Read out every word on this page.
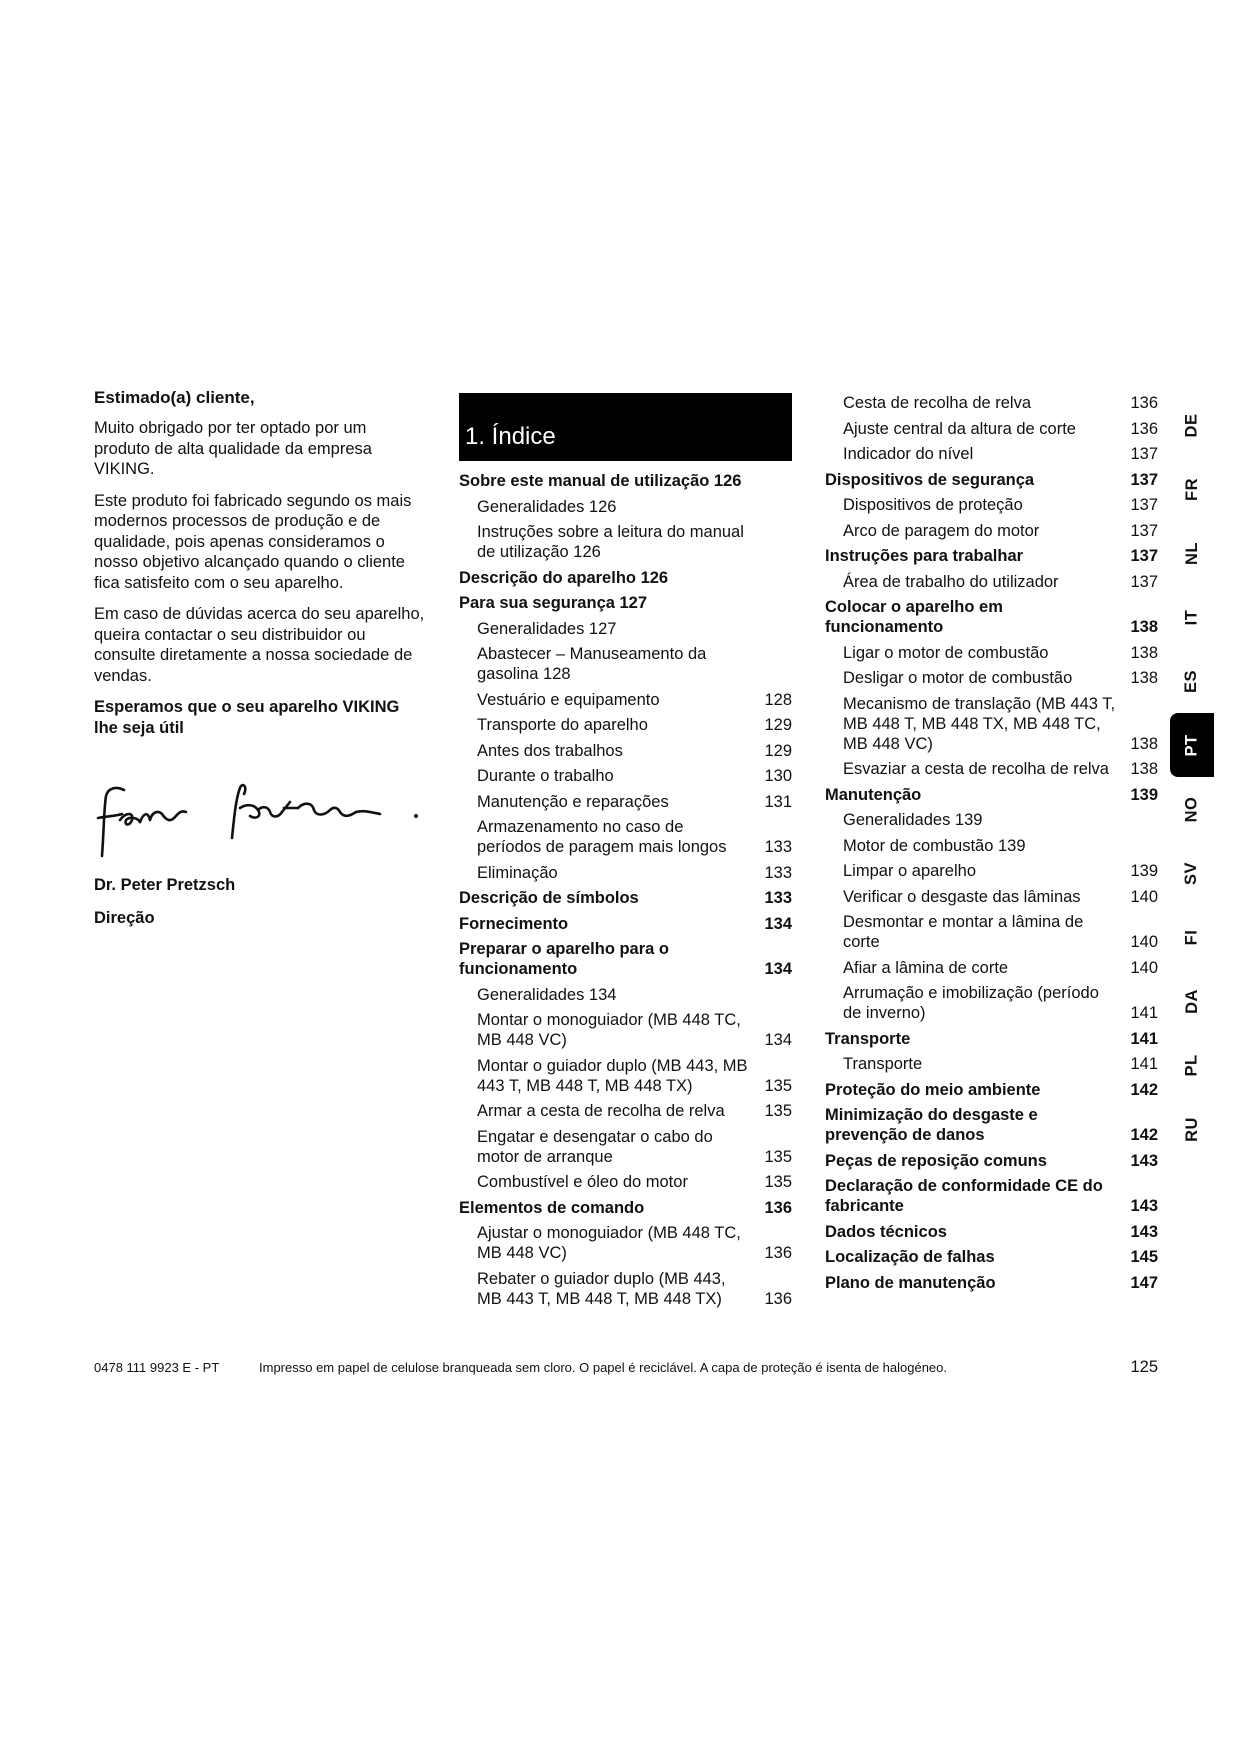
Estimado(a) cliente,

Muito obrigado por ter optado por um produto de alta qualidade da empresa VIKING.

Este produto foi fabricado segundo os mais modernos processos de produção e de qualidade, pois apenas consideramos o nosso objetivo alcançado quando o cliente fica satisfeito com o seu aparelho.

Em caso de dúvidas acerca do seu aparelho, queira contactar o seu distribuidor ou consulte diretamente a nossa sociedade de vendas.

Esperamos que o seu aparelho VIKING lhe seja útil

Dr. Peter Pretzsch

Direção

1. Índice
Sobre este manual de utilização 126
Generalidades 126
Instruções sobre a leitura do manual de utilização 126
Descrição do aparelho 126
Para sua segurança 127
Generalidades 127
Abastecer – Manuseamento da gasolina 128
Vestuário e equipamento	128
Transporte do aparelho	129
Antes dos trabalhos	129
Durante o trabalho	130
Manutenção e reparações	131
Armazenamento no caso de períodos de paragem mais longos	133
Eliminação	133
Descrição de símbolos	133
Fornecimento	134
Preparar o aparelho para o funcionamento	134
Generalidades 134
Montar o monoguiador (MB 448 TC, MB 448 VC)	134
Montar o guiador duplo (MB 443, MB 443 T, MB 448 T, MB 448 TX)	135
Armar a cesta de recolha de relva	135
Engatar e desengatar o cabo do motor de arranque	135
Combustível e óleo do motor	135
Elementos de comando	136
Ajustar o monoguiador (MB 448 TC, MB 448 VC)	136
Rebater o guiador duplo (MB 443, MB 443 T, MB 448 T, MB 448 TX)	136
Cesta de recolha de relva	136
Ajuste central da altura de corte	136
Indicador do nível	137
Dispositivos de segurança	137
Dispositivos de proteção	137
Arco de paragem do motor	137
Instruções para trabalhar	137
Área de trabalho do utilizador	137
Colocar o aparelho em funcionamento	138
Ligar o motor de combustão	138
Desligar o motor de combustão	138
Mecanismo de translação (MB 443 T, MB 448 T, MB 448 TX, MB 448 TC, MB 448 VC)	138
Esvaziar a cesta de recolha de relva	138
Manutenção	139
Generalidades 139
Motor de combustão 139
Limpar o aparelho	139
Verificar o desgaste das lâminas	140
Desmontar e montar a lâmina de corte	140
Afiar a lâmina de corte	140
Arrumação e imobilização (período de inverno)	141
Transporte	141
Transporte	141
Proteção do meio ambiente	142
Minimização do desgaste e prevenção de danos	142
Peças de reposição comuns	143
Declaração de conformidade CE do fabricante	143
Dados técnicos	143
Localização de falhas	145
Plano de manutenção	147
DE
FR
NL
IT
ES
PT
NO
SV
FI
DA
PL
RU
0478 111 9923 E - PT	Impresso em papel de celulose branqueada sem cloro. O papel é reciclável. A capa de proteção é isenta de halogéneo.	125
